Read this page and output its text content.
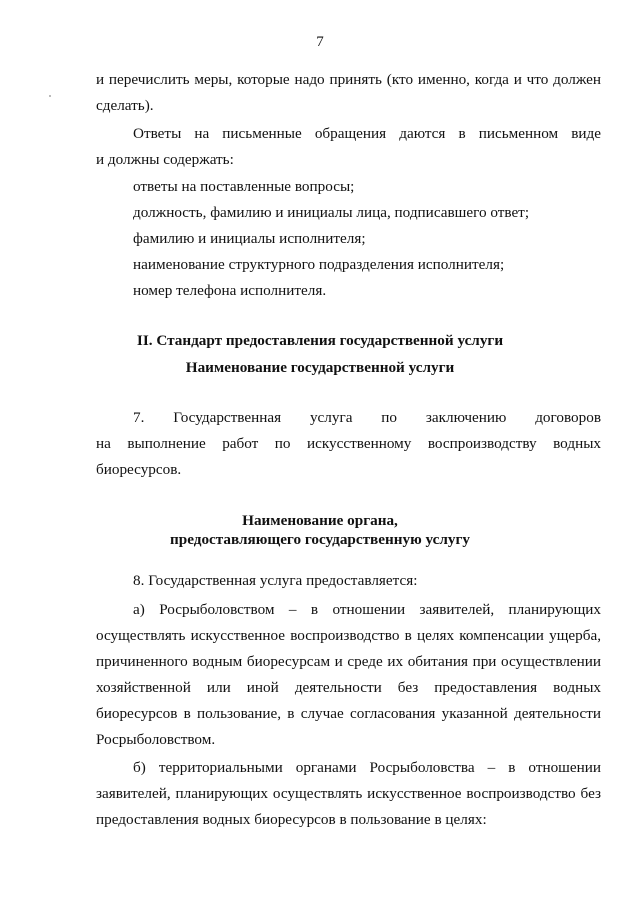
7
и перечислить меры, которые надо принять (кто именно, когда и что должен
сделать).
Ответы на письменные обращения даются в письменном виде
и должны содержать:
ответы на поставленные вопросы;
должность, фамилию и инициалы лица, подписавшего ответ;
фамилию и инициалы исполнителя;
наименование структурного подразделения исполнителя;
номер телефона исполнителя.
II. Стандарт предоставления государственной услуги
Наименование государственной услуги
7. Государственная услуга по заключению договоров
на выполнение работ по искусственному воспроизводству водных
биоресурсов.
Наименование органа,
предоставляющего государственную услугу
8. Государственная услуга предоставляется:
а) Росрыболовством – в отношении заявителей, планирующих
осуществлять искусственное воспроизводство в целях компенсации ущерба,
причиненного водным биоресурсам и среде их обитания при осуществлении
хозяйственной или иной деятельности без предоставления водных
биоресурсов в пользование, в случае согласования указанной деятельности
Росрыболовством.
б) территориальными органами Росрыболовства – в отношении
заявителей, планирующих осуществлять искусственное воспроизводство без
предоставления водных биоресурсов в пользование в целях:
